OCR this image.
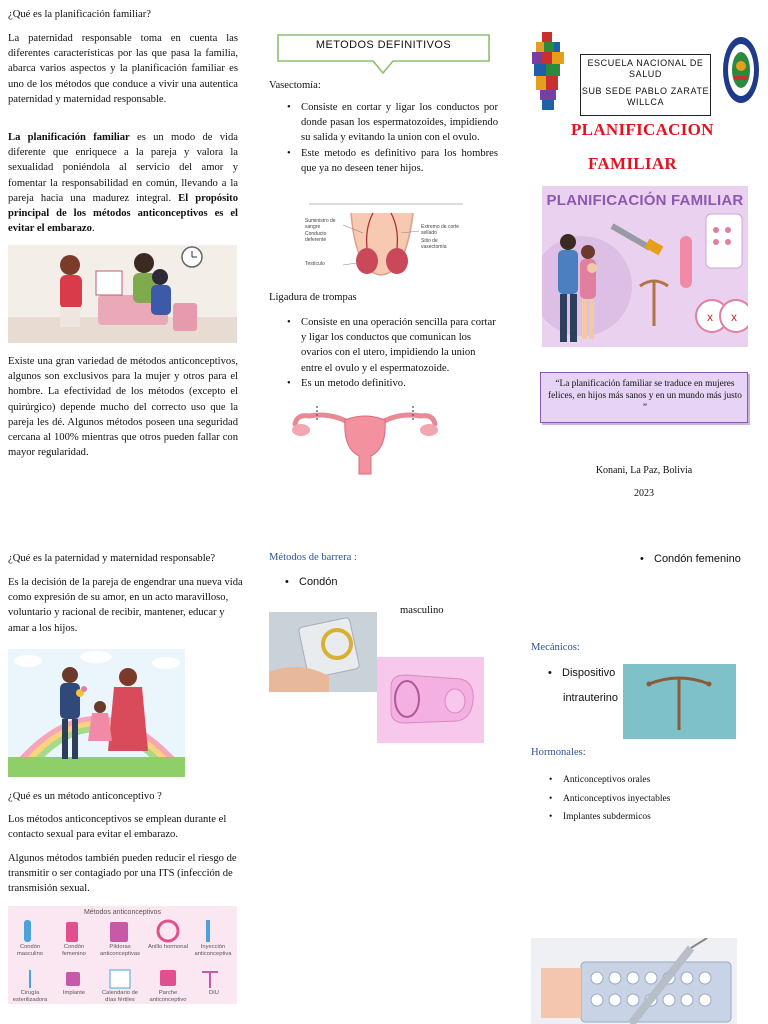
¿Qué es la planificación familiar?
La paternidad responsable toma en cuenta las diferentes características por las que pasa la familia, abarca varios aspectos y la planificación familiar es uno de los métodos que conduce a vivir una autentica paternidad y maternidad responsable.
La planificación familiar es un modo de vida diferente que enriquece a la pareja y valora la sexualidad poniéndola al servicio del amor y fomentar la responsabilidad en común, llevando a la pareja hacia una madurez integral. El propósito principal de los métodos anticonceptivos es el evitar el embarazo.
Existe una gran variedad de métodos anticonceptivos, algunos son exclusivos para la mujer y otros para el hombre. La efectividad de los métodos (excepto el quirúrgico) depende mucho del correcto uso que la pareja les dé. Algunos métodos poseen una seguridad cercana al 100% mientras que otros pueden fallar con mayor regularidad.
METODOS DEFINITIVOS
Vasectomía:
• Consiste en cortar y ligar los conductos por donde pasan los espermatozoides, impidiendo su salida y evitando la union con el ovulo.
• Este metodo es definitivo para los hombres que ya no deseen tener hijos.
Suministro de sangre
Conducto deferente
Testículo
Extremo de corte sellado
Sitio de vasectomía
Ligadura de trompas
• Consiste en una operación sencilla para cortar y ligar los conductos que comunican los ovarios con el utero, impidiendo la union entre el ovulo y el espermatozoide.
• Es un metodo definitivo.
ESCUELA NACIONAL DE SALUD
SUB SEDE PABLO ZARATE WILLCA
PLANIFICACION
FAMILIAR
PLANIFICACIÓN FAMILIAR
x x
“La planificación familiar se traduce en mujeres felices, en hijos más sanos y en un mundo más justo ”
Konani, La Paz, Bolivia
2023
¿Qué es la paternidad y maternidad responsable?
Es la decisión de la pareja de engendrar una nueva vida como expresión de su amor, en un acto maravilloso, voluntario y racional de recibir, mantener, educar y amar a los hijos.
¿Qué es un método anticonceptivo ?
Los métodos anticonceptivos se emplean durante el contacto sexual para evitar el embarazo.
Algunos métodos también pueden reducir el riesgo de transmitir o ser contagiado por una ITS (infección de transmisión sexual.
Métodos anticonceptivos
Condón masculino
Condón femenino
Píldoras anticonceptivas
Anillo hormonal	Inyección anticonceptiva
Cirugía esterilizadora
Implante	Calendario de días fértiles
Parche anticonceptivo
DIU
Métodos de barrera :
• Condón
masculino
• Condón femenino
Mecánicos:
• Dispositivo
intrauterino
Hormonales:
• Anticonceptivos orales
• Anticonceptivos inyectables
• Implantes subdermicos
